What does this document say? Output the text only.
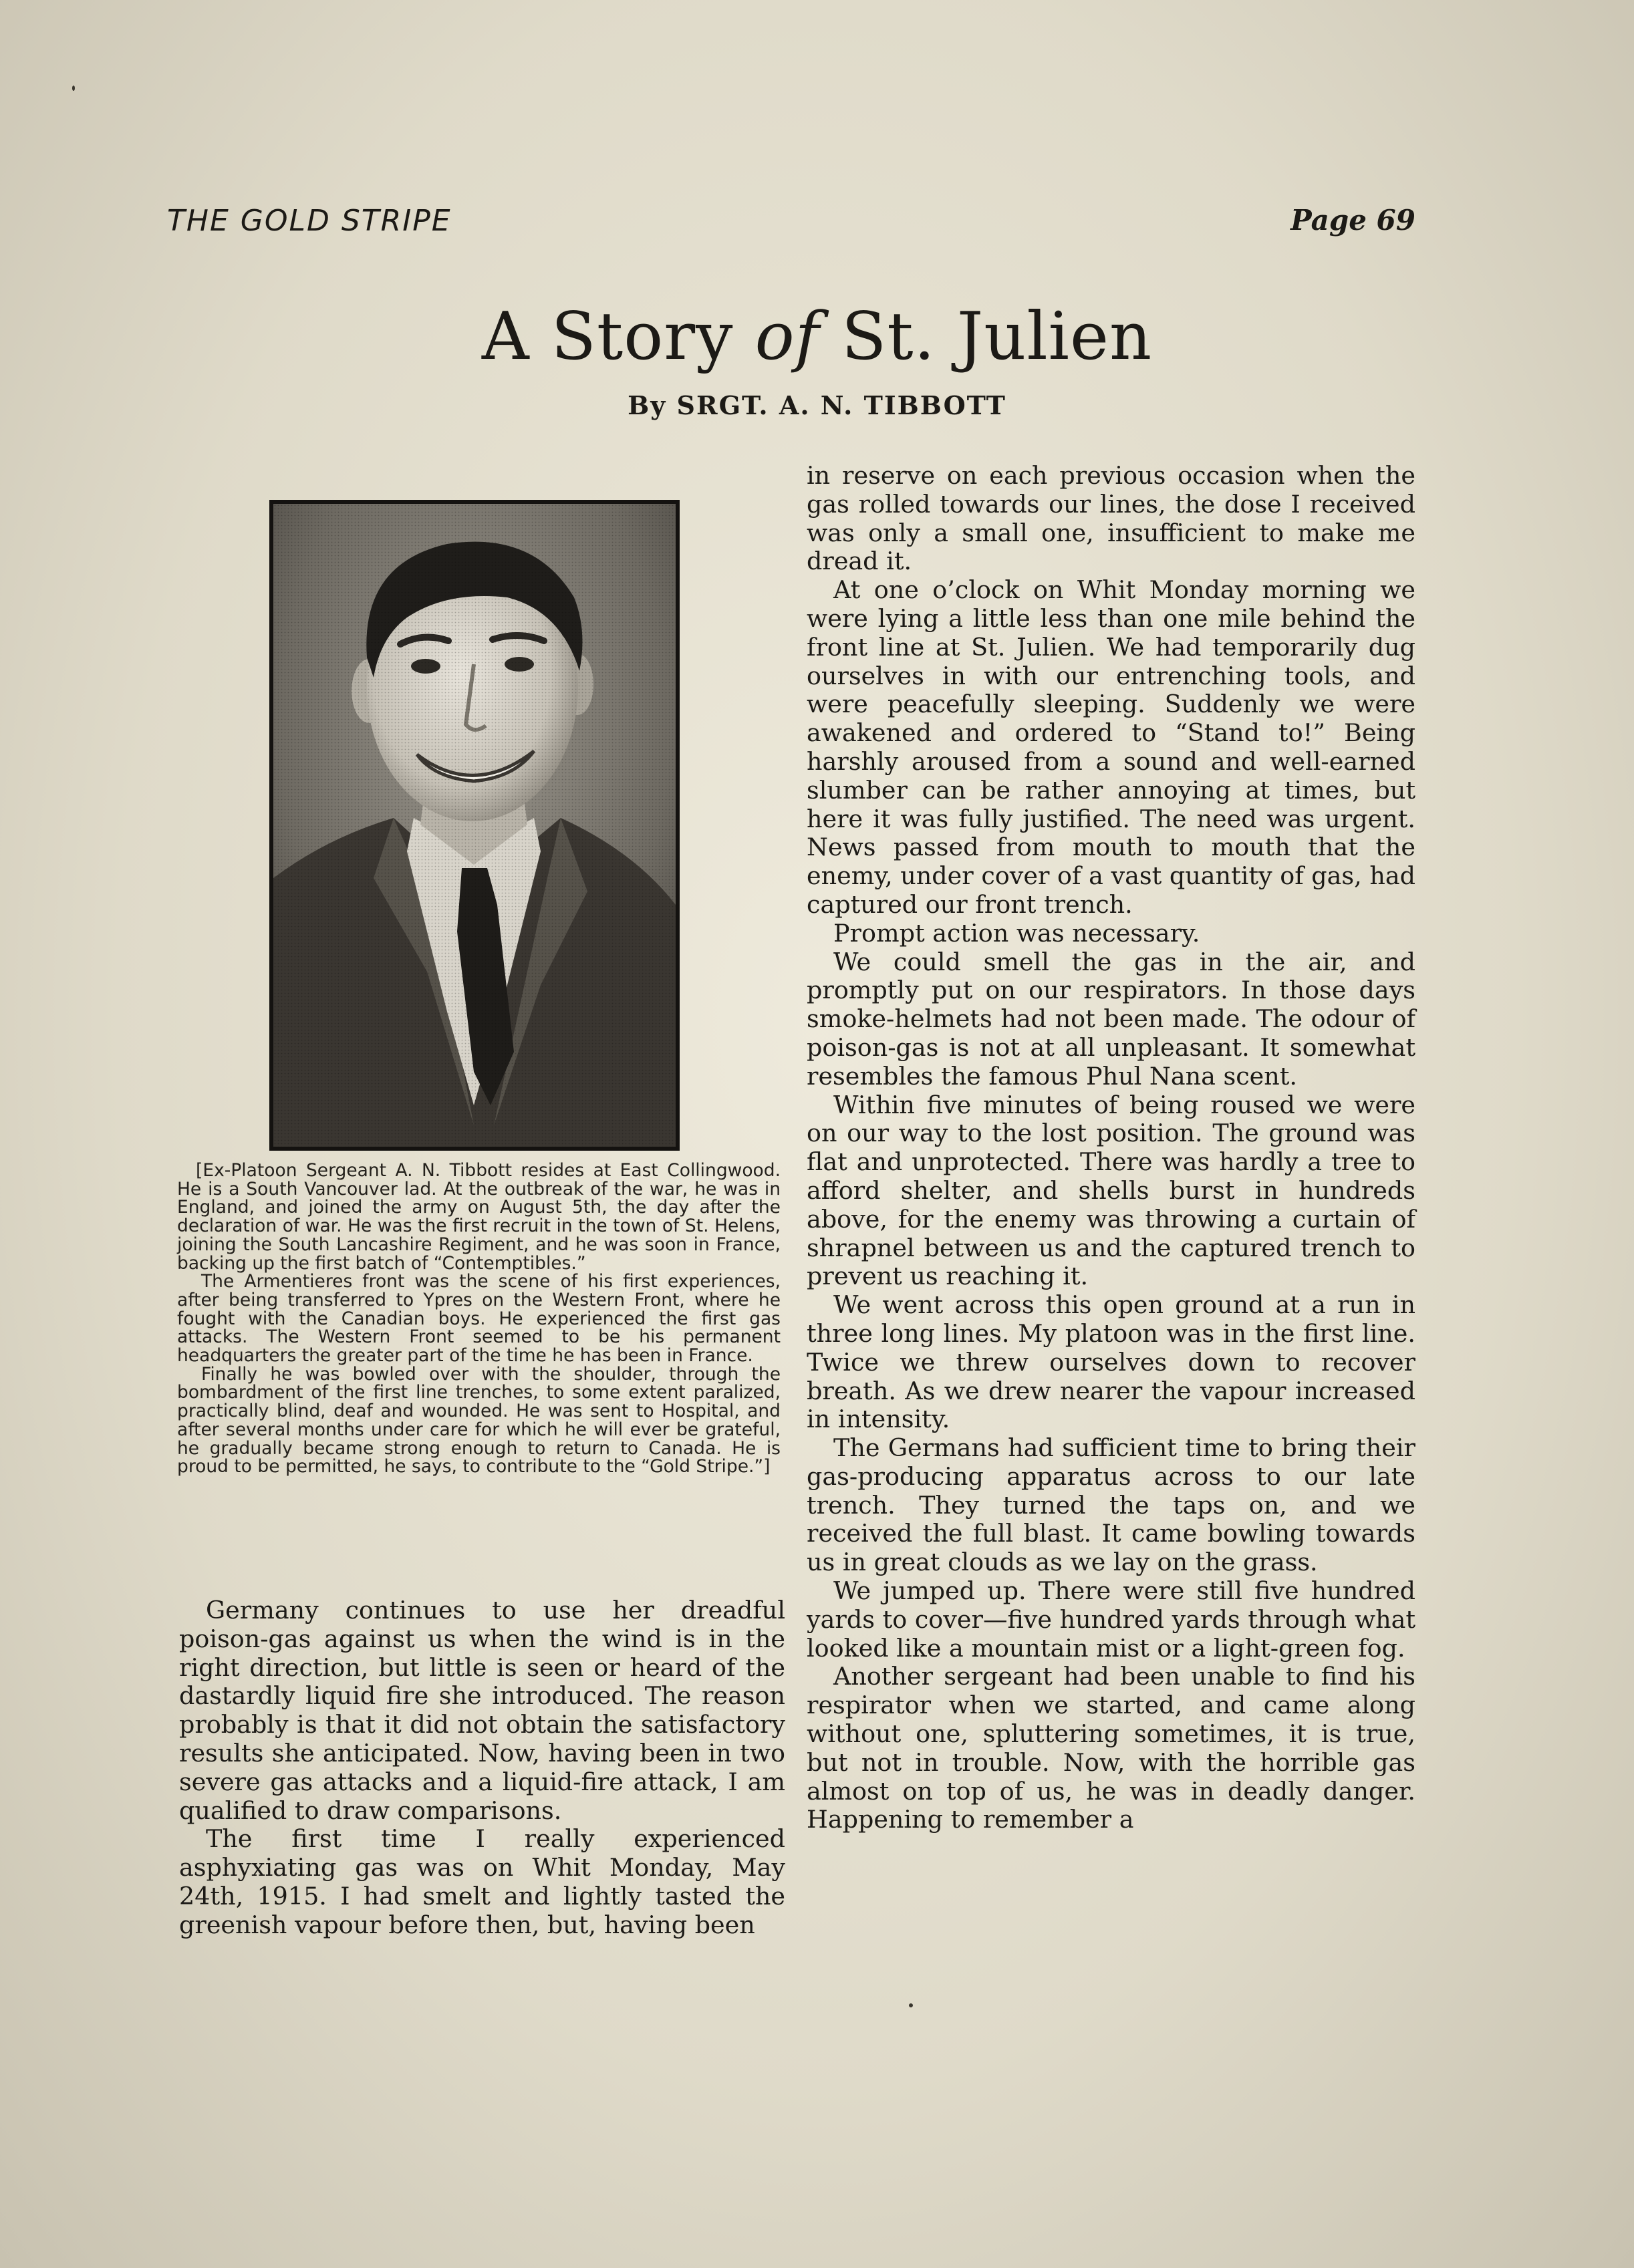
THE GOLD STRIPE	Page 69
A Story of St. Julien
By SRGT. A. N. TIBBOTT

[Ex-Platoon Sergeant A. N. Tibbott resides at East Collingwood. He is a South Vancouver lad. At the outbreak of the war, he was in England, and joined the army on August 5th, the day after the declaration of war. He was the first recruit in the town of St. Helens, joining the South Lancashire Regiment, and he was soon in France, backing up the first batch of “Contemptibles.”

The Armentieres front was the scene of his first experiences, after being transferred to Ypres on the Western Front, where he fought with the Canadian boys. He experienced the first gas attacks. The Western Front seemed to be his permanent headquarters the greater part of the time he has been in France.

Finally he was bowled over with the shoulder, through the bombardment of the first line trenches, to some extent paralized, practically blind, deaf and wounded. He was sent to Hospital, and after several months under care for which he will ever be grateful, he gradually became strong enough to return to Canada. He is proud to be permitted, he says, to contribute to the “Gold Stripe.”]

Germany continues to use her dreadful poison-gas against us when the wind is in the right direction, but little is seen or heard of the dastardly liquid fire she introduced. The reason probably is that it did not obtain the satisfactory results she anticipated. Now, having been in two severe gas attacks and a liquid-fire attack, I am qualified to draw comparisons.

The first time I really experienced asphyxiating gas was on Whit Monday, May 24th, 1915. I had smelt and lightly tasted the greenish vapour before then, but, having been

in reserve on each previous occasion when the gas rolled towards our lines, the dose I received was only a small one, insufficient to make me dread it.

At one o’clock on Whit Monday morning we were lying a little less than one mile behind the front line at St. Julien. We had temporarily dug ourselves in with our entrenching tools, and were peacefully sleeping. Suddenly we were awakened and ordered to “Stand to!” Being harshly aroused from a sound and well-earned slumber can be rather annoying at times, but here it was fully justified. The need was urgent. News passed from mouth to mouth that the enemy, under cover of a vast quantity of gas, had captured our front trench.

Prompt action was necessary.

We could smell the gas in the air, and promptly put on our respirators. In those days smoke-helmets had not been made. The odour of poison-gas is not at all unpleasant. It somewhat resembles the famous Phul Nana scent.

Within five minutes of being roused we were on our way to the lost position. The ground was flat and unprotected. There was hardly a tree to afford shelter, and shells burst in hundreds above, for the enemy was throwing a curtain of shrapnel between us and the captured trench to prevent us reaching it.

We went across this open ground at a run in three long lines. My platoon was in the first line. Twice we threw ourselves down to recover breath. As we drew nearer the vapour increased in intensity.

The Germans had sufficient time to bring their gas-producing apparatus across to our late trench. They turned the taps on, and we received the full blast. It came bowling towards us in great clouds as we lay on the grass.

We jumped up. There were still five hundred yards to cover—five hundred yards through what looked like a mountain mist or a light-green fog.

Another sergeant had been unable to find his respirator when we started, and came along without one, spluttering sometimes, it is true, but not in trouble. Now, with the horrible gas almost on top of us, he was in deadly danger. Happening to remember a
